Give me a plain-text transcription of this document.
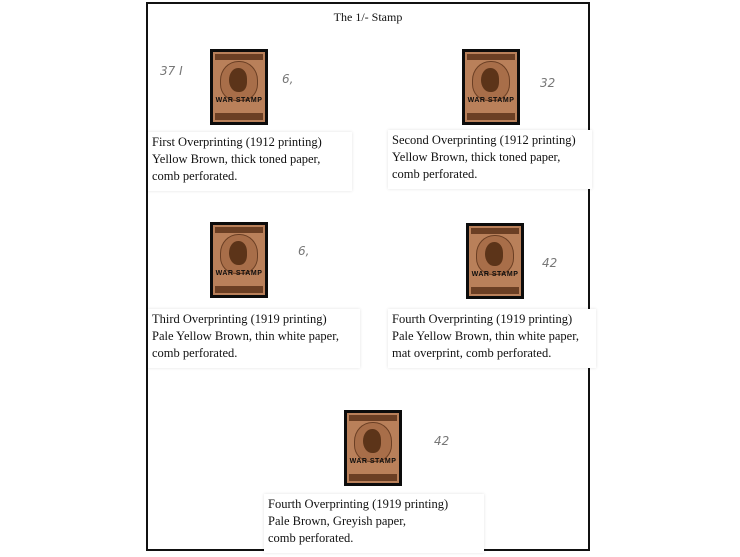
The 1/- Stamp
WAR STAMP
37 I
6,
First Overprinting (1912 printing)
Yellow Brown, thick toned paper,
comb perforated.
WAR STAMP
32
Second Overprinting (1912 printing)
Yellow Brown, thick toned paper,
comb perforated.
WAR STAMP
6,
Third Overprinting (1919 printing)
Pale Yellow Brown, thin white paper,
comb perforated.
WAR STAMP
42
Fourth Overprinting (1919 printing)
Pale Yellow Brown, thin white paper,
mat overprint, comb perforated.
WAR STAMP
42
Fourth Overprinting (1919 printing)
Pale Brown, Greyish paper,
comb perforated.
